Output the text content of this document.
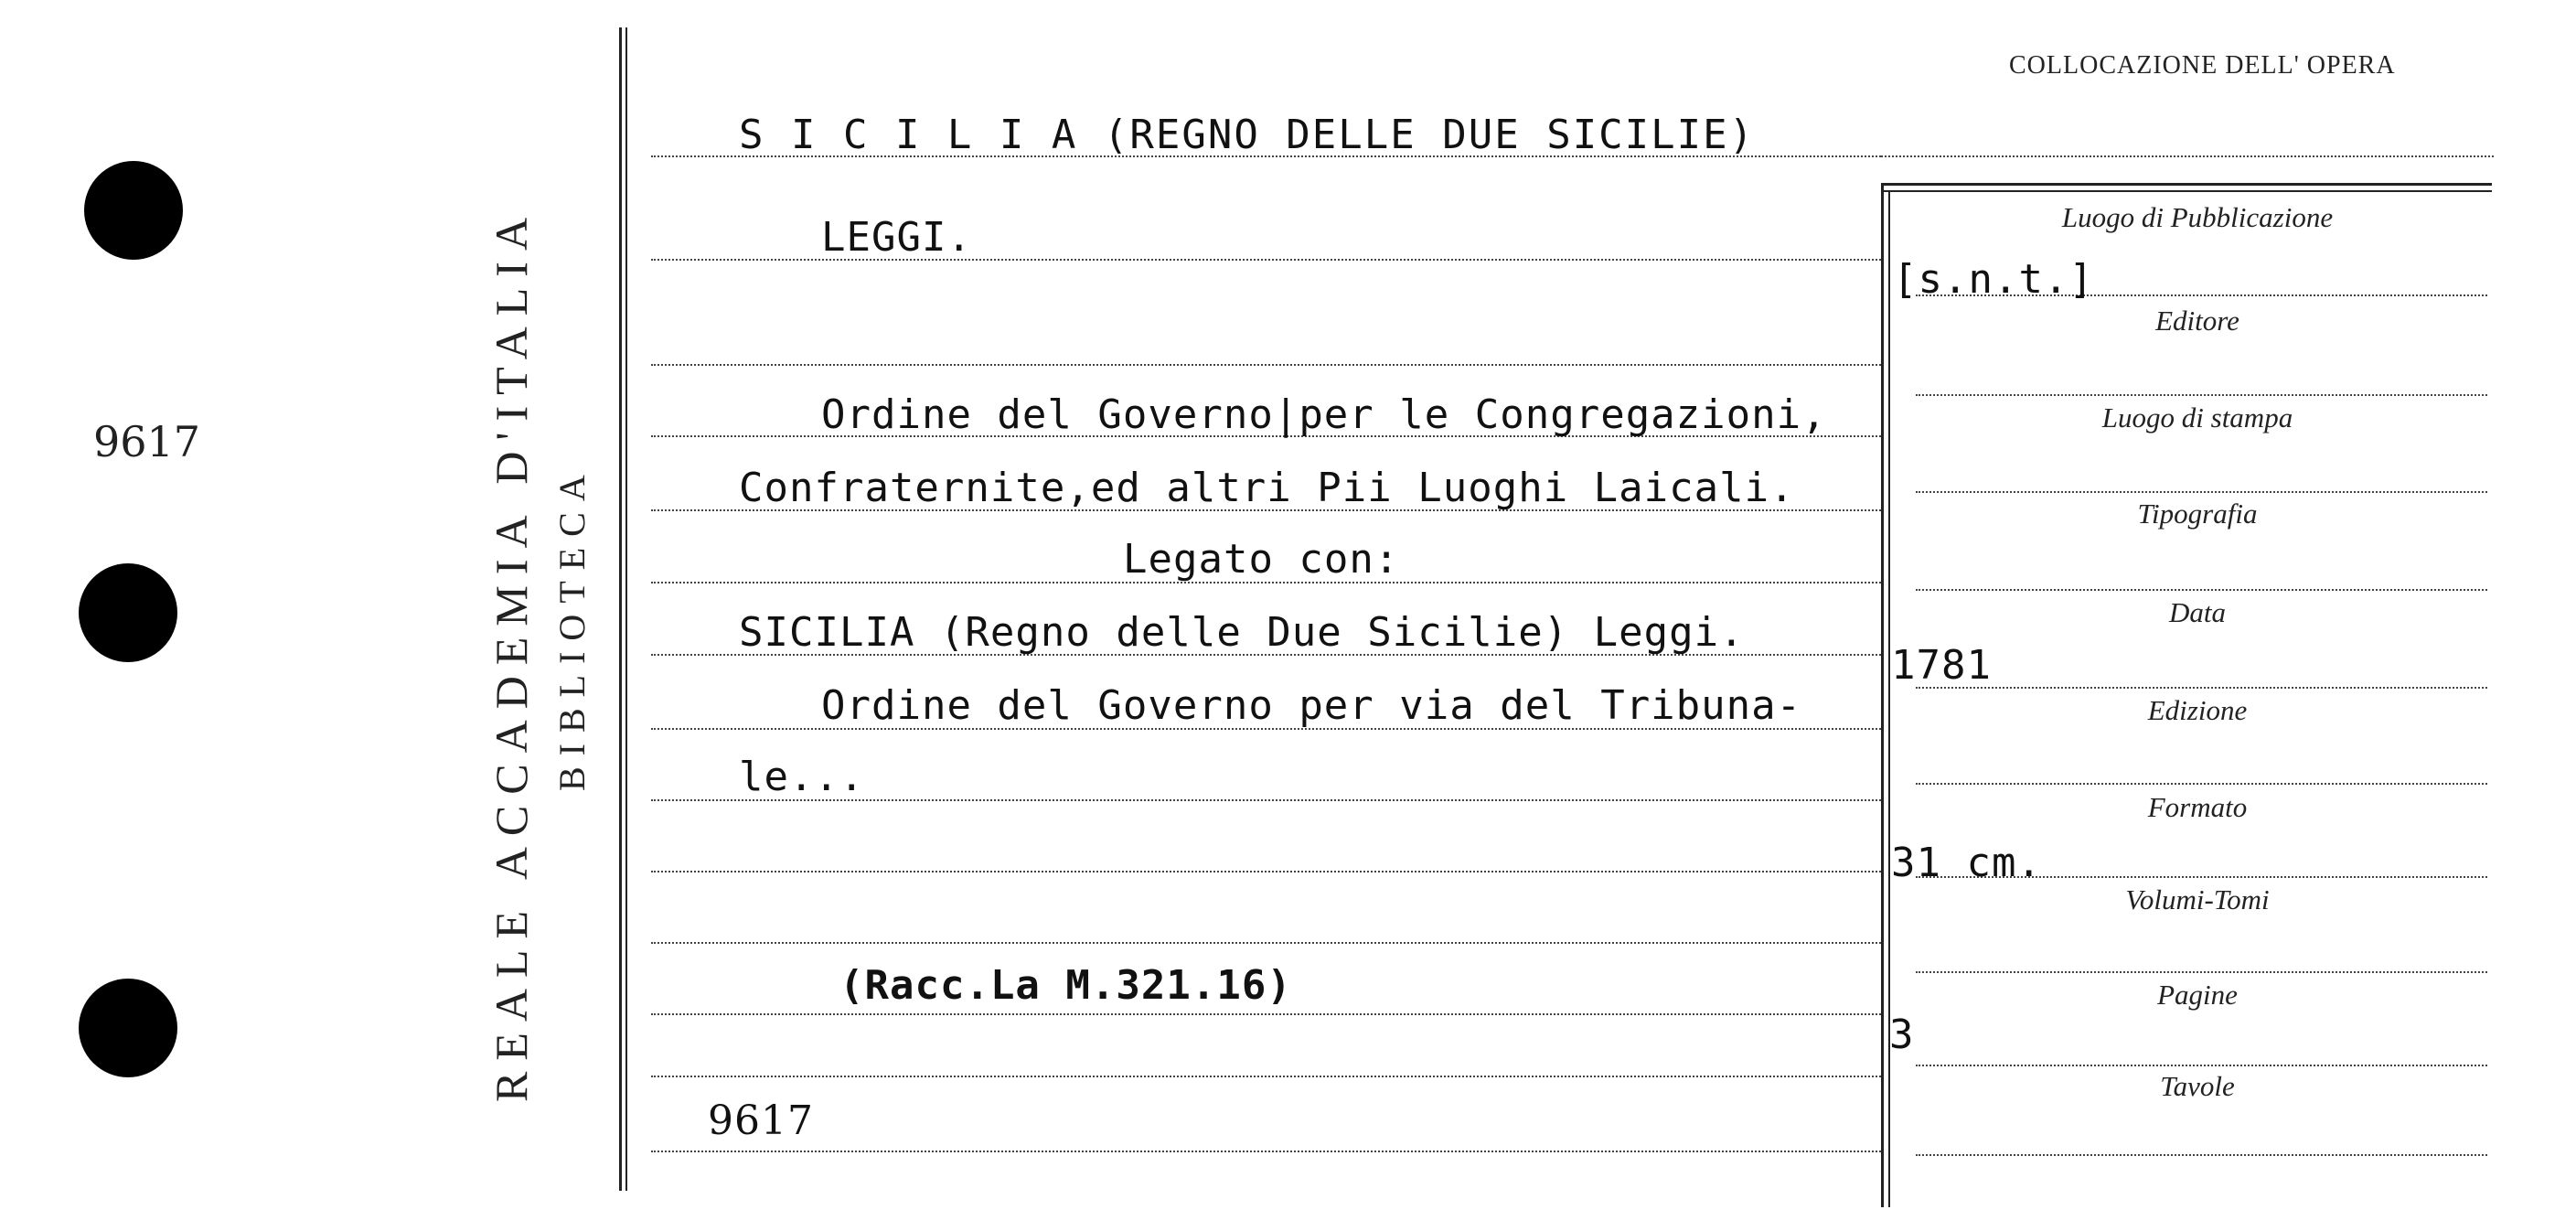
9617	REALE ACCADEMIA D'ITALIA BIBLIOTECA
COLLOCAZIONE DELL' OPERA
S I C I L I A (REGNO DELLE DUE SICILIE)
LEGGI.
Ordine del Governo|per le Congregazioni,
Confraternite,ed altri Pii Luoghi Laicali.
Legato con:
SICILIA (Regno delle Due Sicilie) Leggi.
Ordine del Governo per via del Tribuna-
le...
(Racc.La M.321.16)
9617
Luogo di Pubblicazione
Editore
Luogo di stampa
Tipografia
Data
Edizione
Formato
Volumi-Tomi
Pagine
Tavole
[s.n.t.]
1781
31 cm.
3
